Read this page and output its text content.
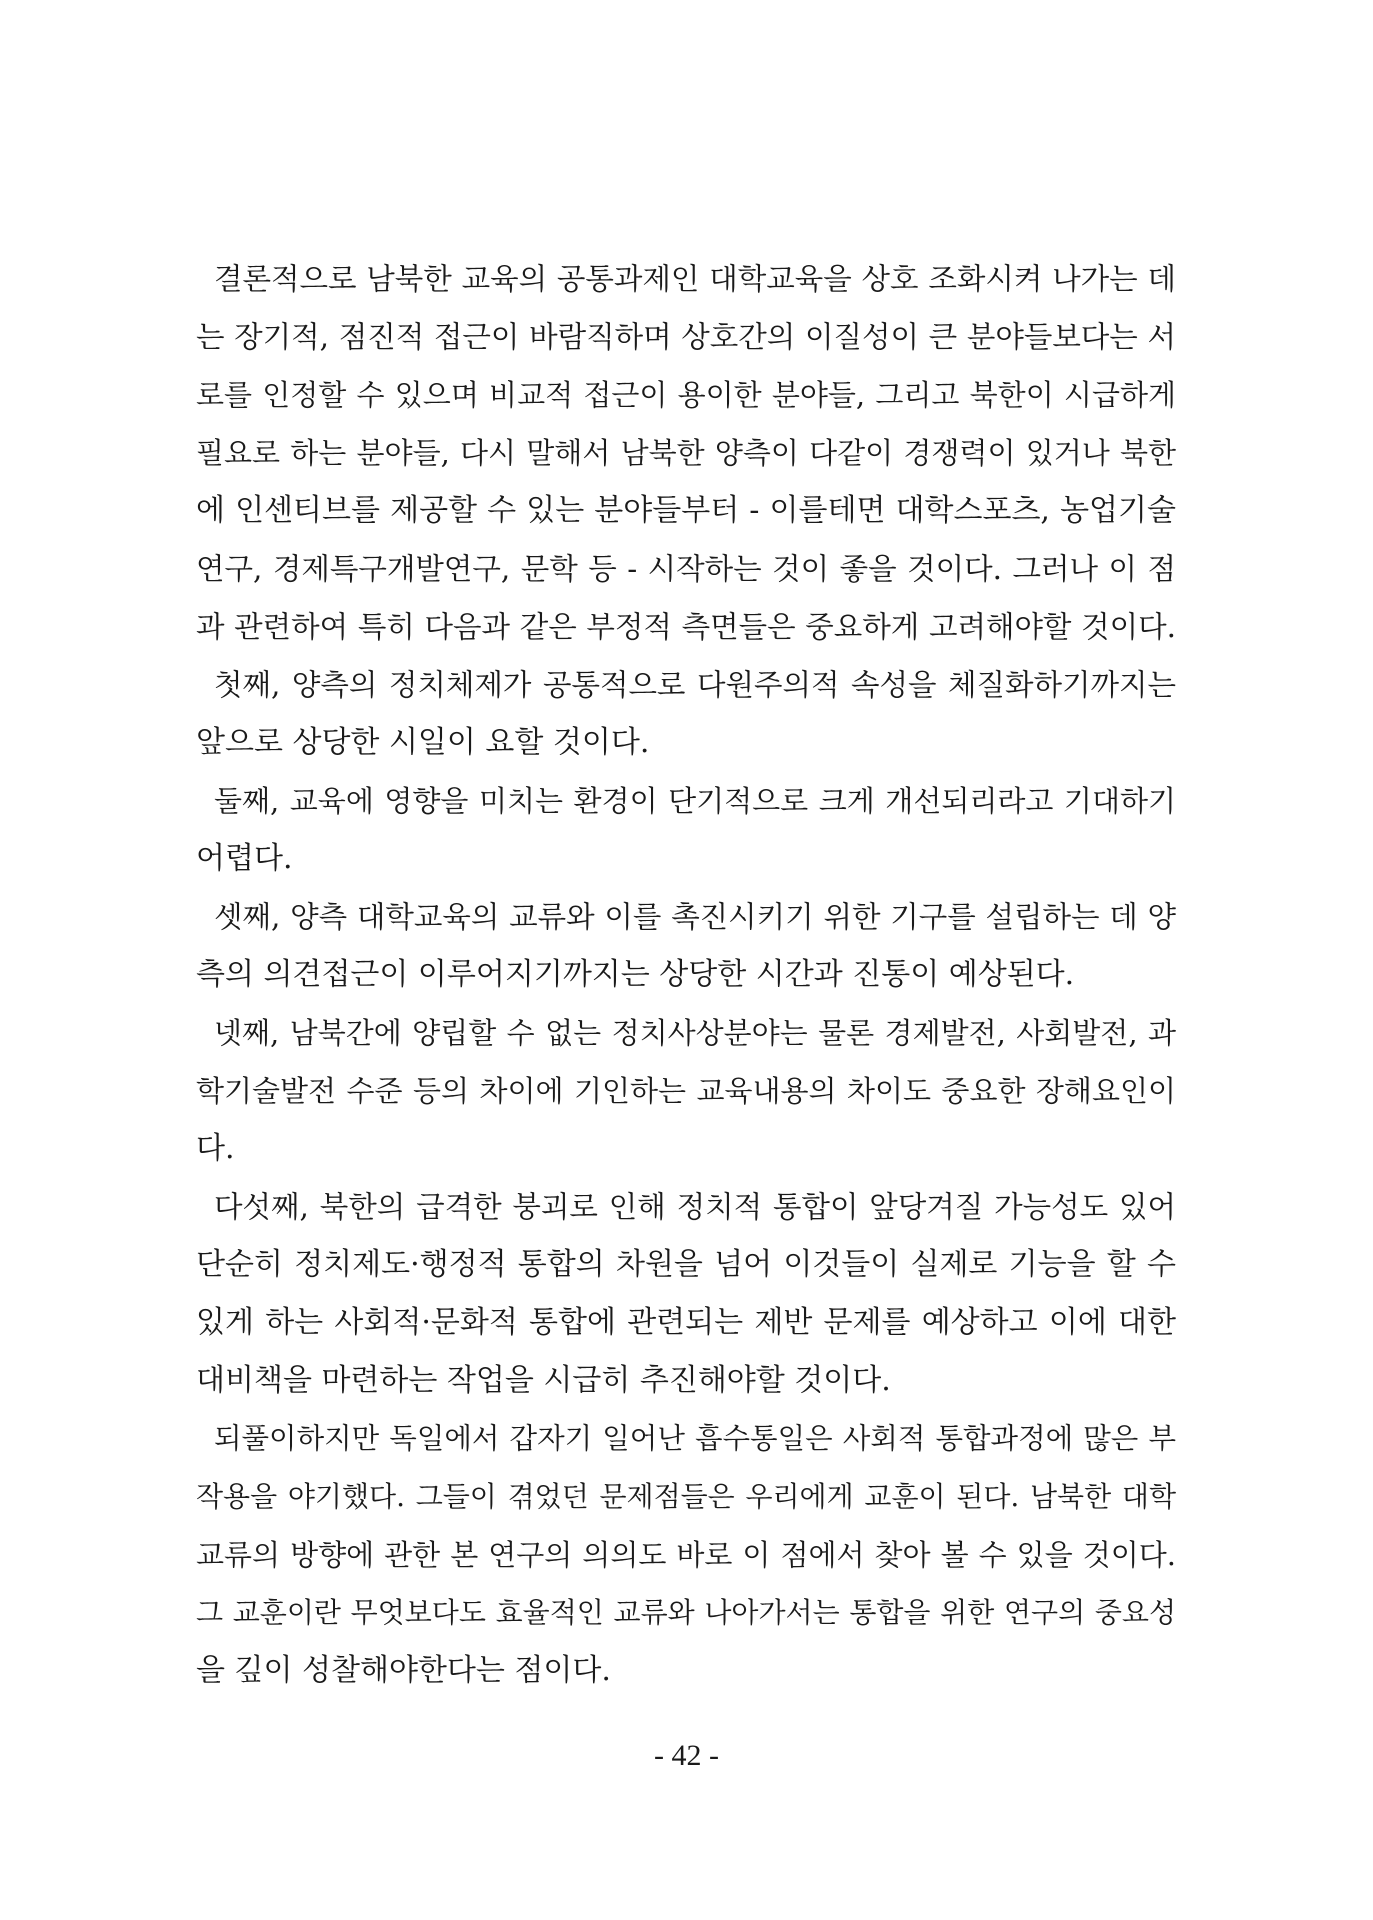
결론적으로 남북한 교육의 공통과제인 대학교육을 상호 조화시켜 나가는 데
는 장기적, 점진적 접근이 바람직하며 상호간의 이질성이 큰 분야들보다는 서
로를 인정할 수 있으며 비교적 접근이 용이한 분야들, 그리고 북한이 시급하게
필요로 하는 분야들, 다시 말해서 남북한 양측이 다같이 경쟁력이 있거나 북한
에 인센티브를 제공할 수 있는 분야들부터 - 이를테면 대학스포츠, 농업기술
연구, 경제특구개발연구, 문학 등 - 시작하는 것이 좋을 것이다. 그러나 이 점
과 관련하여 특히 다음과 같은 부정적 측면들은 중요하게 고려해야할 것이다.
첫째, 양측의 정치체제가 공통적으로 다원주의적 속성을 체질화하기까지는
앞으로 상당한 시일이 요할 것이다.
둘째, 교육에 영향을 미치는 환경이 단기적으로 크게 개선되리라고 기대하기
어렵다.
셋째, 양측 대학교육의 교류와 이를 촉진시키기 위한 기구를 설립하는 데 양
측의 의견접근이 이루어지기까지는 상당한 시간과 진통이 예상된다.
넷째, 남북간에 양립할 수 없는 정치사상분야는 물론 경제발전, 사회발전, 과
학기술발전 수준 등의 차이에 기인하는 교육내용의 차이도 중요한 장해요인이
다.
다섯째, 북한의 급격한 붕괴로 인해 정치적 통합이 앞당겨질 가능성도 있어
단순히 정치제도·행정적 통합의 차원을 넘어 이것들이 실제로 기능을 할 수
있게 하는 사회적·문화적 통합에 관련되는 제반 문제를 예상하고 이에 대한
대비책을 마련하는 작업을 시급히 추진해야할 것이다.
되풀이하지만 독일에서 갑자기 일어난 흡수통일은 사회적 통합과정에 많은 부
작용을 야기했다. 그들이 겪었던 문제점들은 우리에게 교훈이 된다. 남북한 대학
교류의 방향에 관한 본 연구의 의의도 바로 이 점에서 찾아 볼 수 있을 것이다.
그 교훈이란 무엇보다도 효율적인 교류와 나아가서는 통합을 위한 연구의 중요성
을 깊이 성찰해야한다는 점이다.
- 42 -
